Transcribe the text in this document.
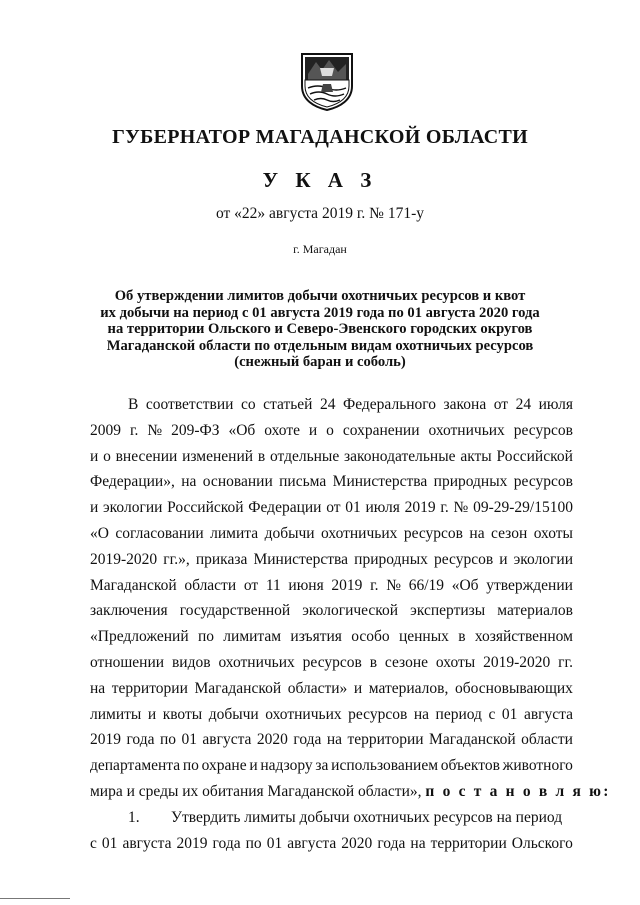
ГУБЕРНАТОР МАГАДАНСКОЙ ОБЛАСТИ
У К А З
от «22» августа 2019 г. № 171-у
г. Магадан
Об утверждении лимитов добычи охотничьих ресурсов и квот
их добычи на период с 01 августа 2019 года по 01 августа 2020 года
на территории Ольского и Северо-Эвенского городских округов
Магаданской области по отдельным видам охотничьих ресурсов
(снежный баран и соболь)
В соответствии со статьей 24 Федерального закона от 24 июля
2009 г. № 209-ФЗ «Об охоте и о сохранении охотничьих ресурсов
и о внесении изменений в отдельные законодательные акты Российской
Федерации», на основании письма Министерства природных ресурсов
и экологии Российской Федерации от 01 июля 2019 г. № 09-29-29/15100
«О согласовании лимита добычи охотничьих ресурсов на сезон охоты
2019-2020 гг.», приказа Министерства природных ресурсов и экологии
Магаданской области от 11 июня 2019 г. № 66/19 «Об утверждении
заключения государственной экологической экспертизы материалов
«Предложений по лимитам изъятия особо ценных в хозяйственном
отношении видов охотничьих ресурсов в сезоне охоты 2019-2020 гг.
на территории Магаданской области» и материалов, обосновывающих
лимиты и квоты добычи охотничьих ресурсов на период с 01 августа
2019 года по 01 августа 2020 года на территории Магаданской области
департамента по охране и надзору за использованием объектов животного
мира и среды их обитания Магаданской области»,
п о с т а н о в л я ю:
1.	Утвердить лимиты добычи охотничьих ресурсов на период
с 01 августа 2019 года по 01 августа 2020 года на территории Ольского
